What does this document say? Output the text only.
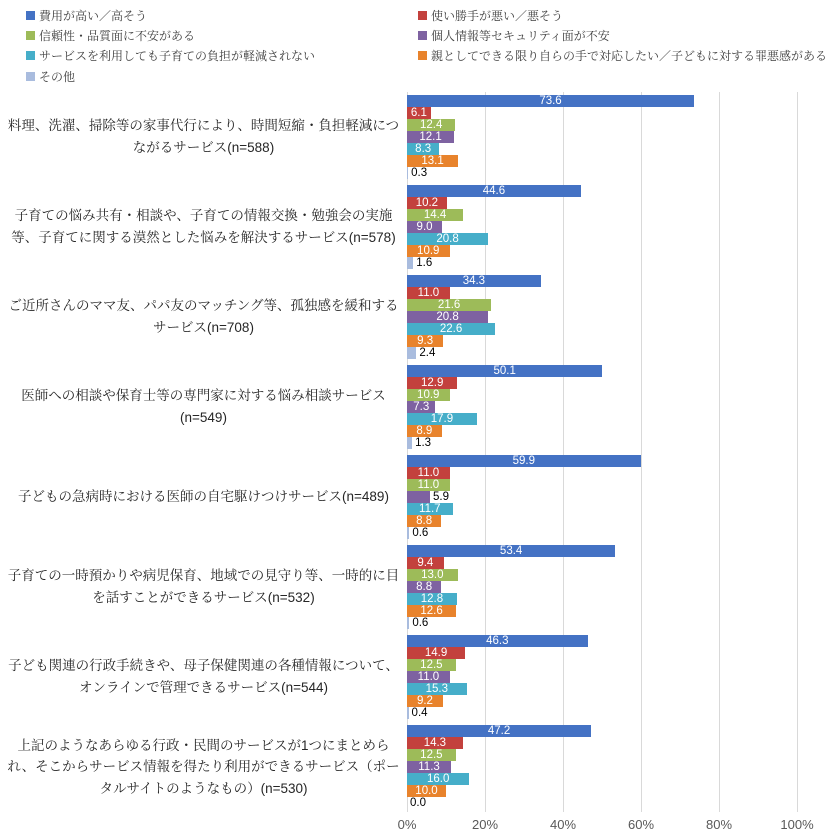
費用が高い／高そう	使い勝手が悪い／悪そう
信頼性・品質面に不安がある	個人情報等セキュリティ面が不安
サービスを利用しても子育ての負担が軽減されない	親としてできる限り自らの手で対応したい／子どもに対する罪悪感がある
その他
料理、洗濯、掃除等の家事代行により、時間短縮・負担軽減につながるサービス(n=588)
子育ての悩み共有・相談や、子育ての情報交換・勉強会の実施等、子育てに関する漠然とした悩みを解決するサービス(n=578)
ご近所さんのママ友、パパ友のマッチング等、孤独感を緩和するサービス(n=708)
医師への相談や保育士等の専門家に対する悩み相談サービス(n=549)
子どもの急病時における医師の自宅駆けつけサービス(n=489)
子育ての一時預かりや病児保育、地域での見守り等、一時的に目を話すことができるサービス(n=532)
子ども関連の行政手続きや、母子保健関連の各種情報について、オンラインで管理できるサービス(n=544)
上記のようなあらゆる行政・民間のサービスが1つにまとめられ、そこからサービス情報を得たり利用ができるサービス（ポータルサイトのようなもの）(n=530)
73.6
6.1
12.4
12.1
8.3
13.1
0.3
44.6
10.2
14.4
9.0
20.8
10.9
1.6
34.3
11.0
21.6
20.8
22.6
9.3
2.4
50.1
12.9
10.9
7.3
17.9
8.9
1.3
59.9
11.0
11.0
5.9
11.7
8.8
0.6
53.4
9.4
13.0
8.8
12.8
12.6
0.6
46.3
14.9
12.5
11.0
15.3
9.2
0.4
47.2
14.3
12.5
11.3
16.0
10.0
0.0
0%	20%	40%	60%	80%	100%
